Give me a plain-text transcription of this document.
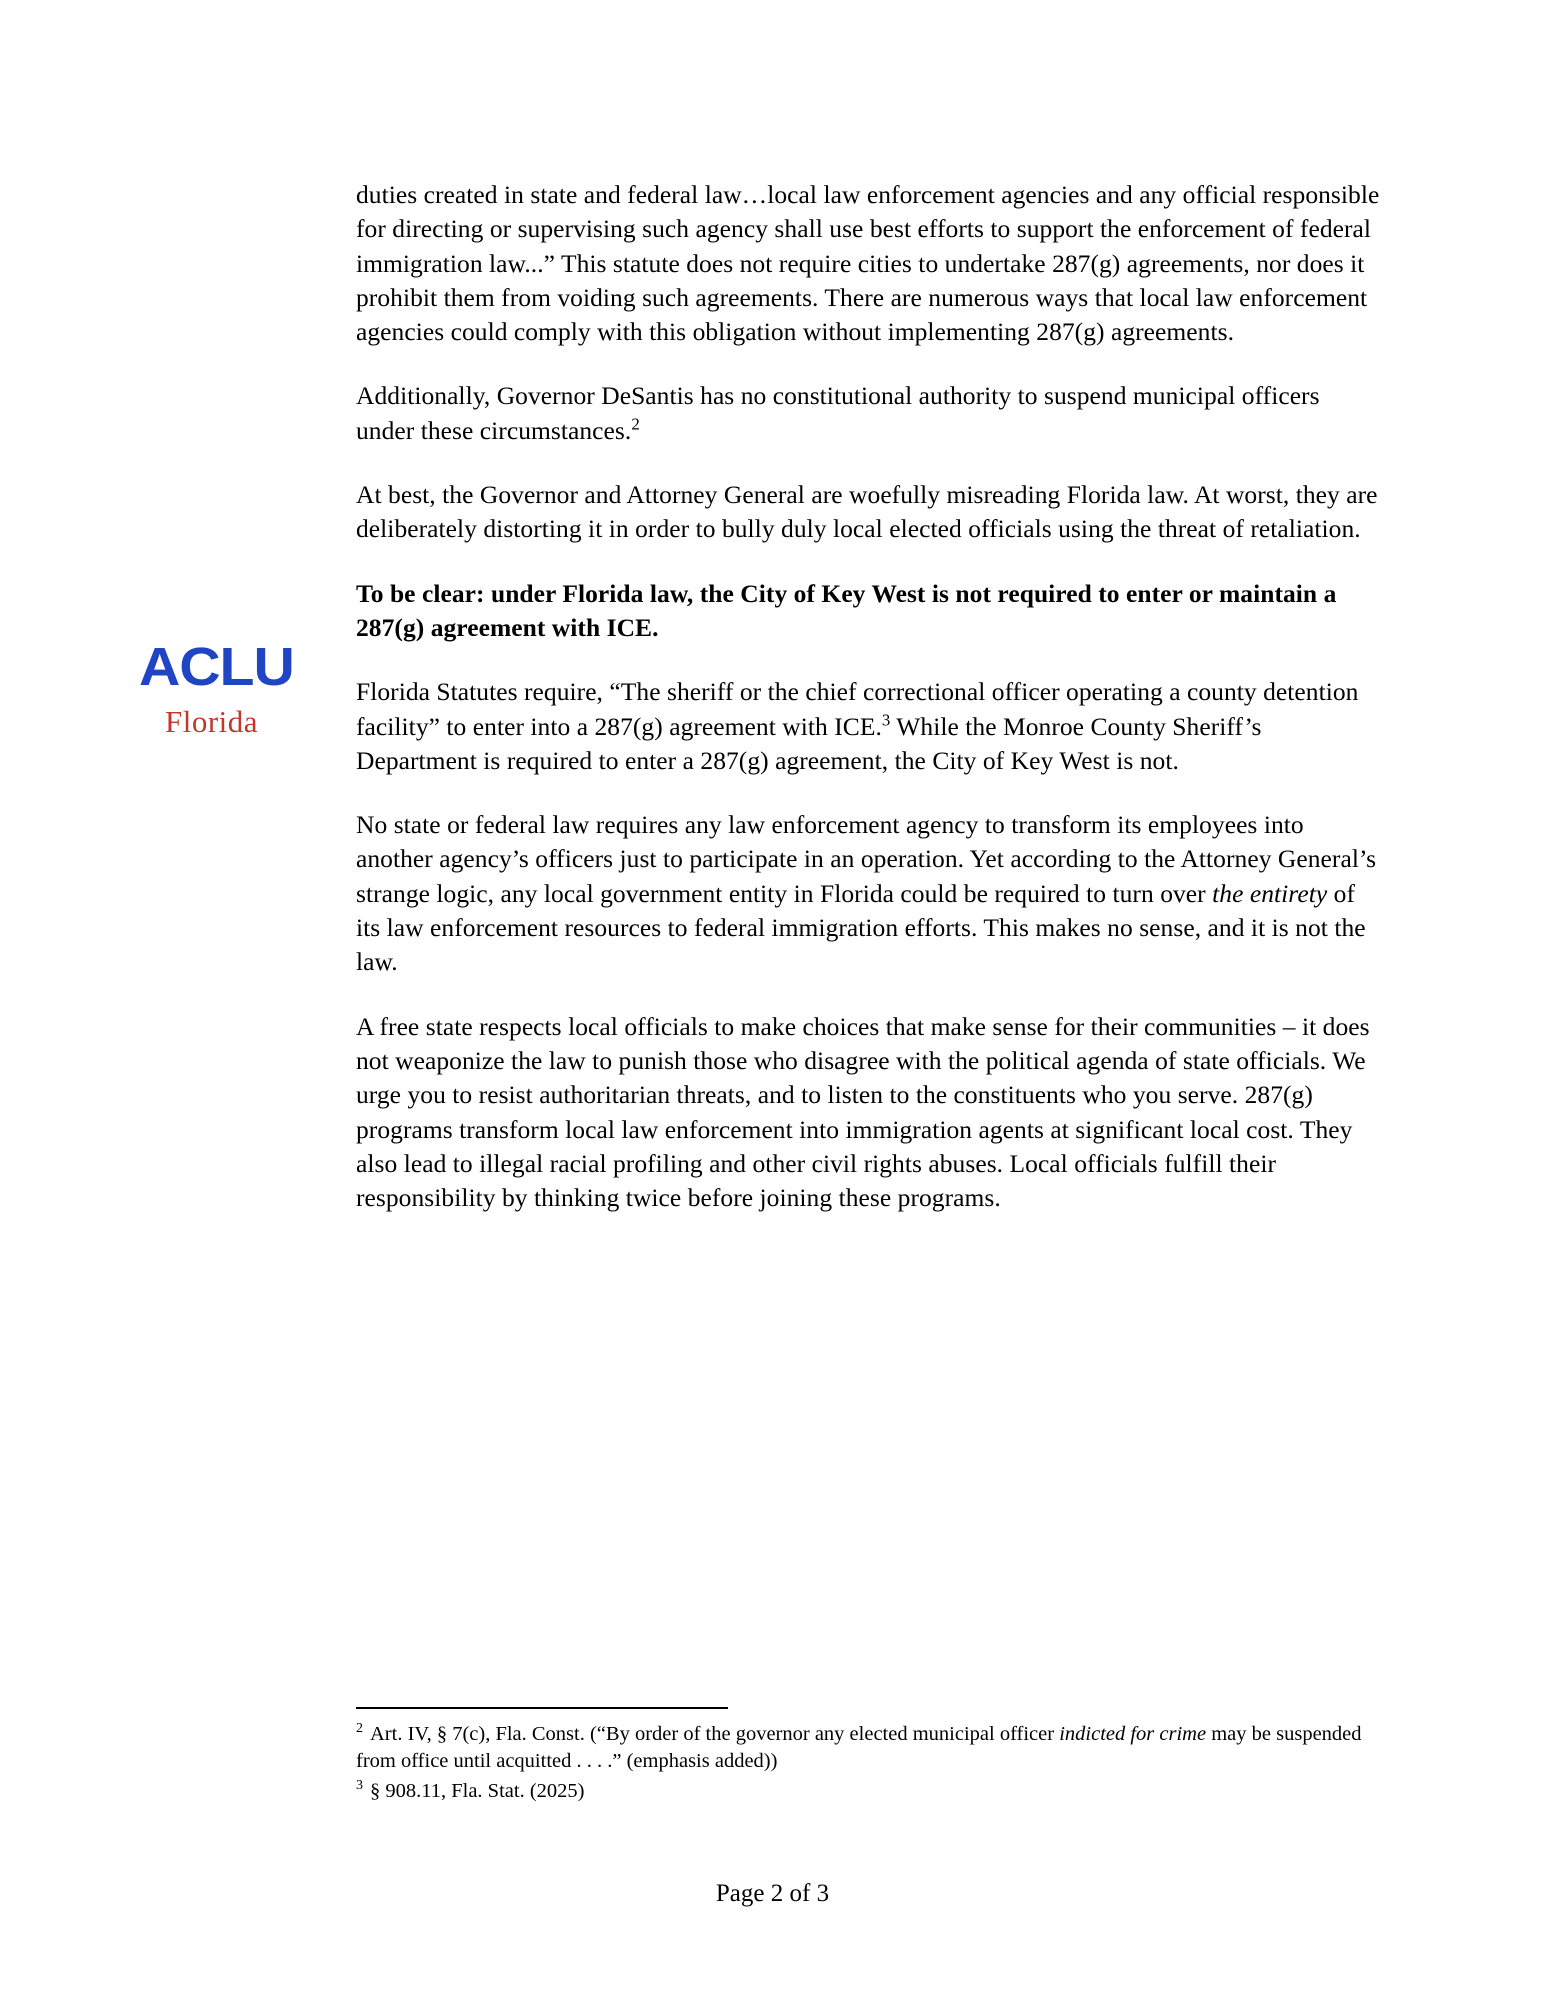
ACLU
Florida

duties created in state and federal law…local law enforcement agencies and any official responsible for directing or supervising such agency shall use best efforts to support the enforcement of federal immigration law...” This statute does not require cities to undertake 287(g) agreements, nor does it prohibit them from voiding such agreements. There are numerous ways that local law enforcement agencies could comply with this obligation without implementing 287(g) agreements.

Additionally, Governor DeSantis has no constitutional authority to suspend municipal officers under these circumstances.$^2$

At best, the Governor and Attorney General are woefully misreading Florida law. At worst, they are deliberately distorting it in order to bully duly local elected officials using the threat of retaliation.

To be clear: under Florida law, the City of Key West is not required to enter or maintain a 287(g) agreement with ICE.

Florida Statutes require, “The sheriff or the chief correctional officer operating a county detention facility” to enter into a 287(g) agreement with ICE.$^3$ While the Monroe County Sheriff’s Department is required to enter a 287(g) agreement, the City of Key West is not.

No state or federal law requires any law enforcement agency to transform its employees into another agency’s officers just to participate in an operation. Yet according to the Attorney General’s strange logic, any local government entity in Florida could be required to turn over the entirety of its law enforcement resources to federal immigration efforts. This makes no sense, and it is not the law.

A free state respects local officials to make choices that make sense for their communities – it does not weaponize the law to punish those who disagree with the political agenda of state officials. We urge you to resist authoritarian threats, and to listen to the constituents who you serve. 287(g) programs transform local law enforcement into immigration agents at significant local cost. They also lead to illegal racial profiling and other civil rights abuses. Local officials fulfill their responsibility by thinking twice before joining these programs.

$^2$ Art. IV, § 7(c), Fla. Const. (“By order of the governor any elected municipal officer indicted for crime may be suspended from office until acquitted . . . .” (emphasis added))

$^3$ § 908.11, Fla. Stat. (2025)

Page 2 of 3
